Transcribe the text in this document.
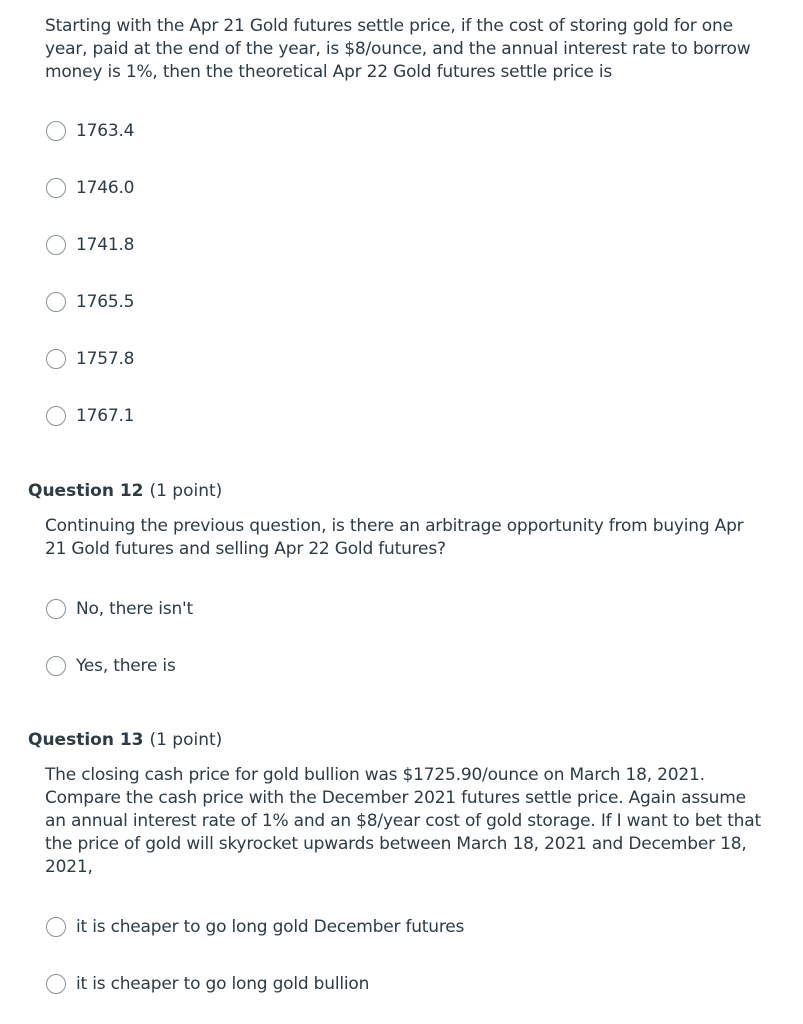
Starting with the Apr 21 Gold futures settle price, if the cost of storing gold for one year, paid at the end of the year, is $8/ounce, and the annual interest rate to borrow money is 1%, then the theoretical Apr 22 Gold futures settle price is

1763.4
1746.0
1741.8
1765.5
1757.8
1767.1
Question 12 (1 point)

Continuing the previous question, is there an arbitrage opportunity from buying Apr 21 Gold futures and selling Apr 22 Gold futures?

No, there isn't
Yes, there is
Question 13 (1 point)

The closing cash price for gold bullion was $1725.90/ounce on March 18, 2021. Compare the cash price with the December 2021 futures settle price. Again assume an annual interest rate of 1% and an $8/year cost of gold storage. If I want to bet that the price of gold will skyrocket upwards between March 18, 2021 and December 18, 2021,

it is cheaper to go long gold December futures
it is cheaper to go long gold bullion
